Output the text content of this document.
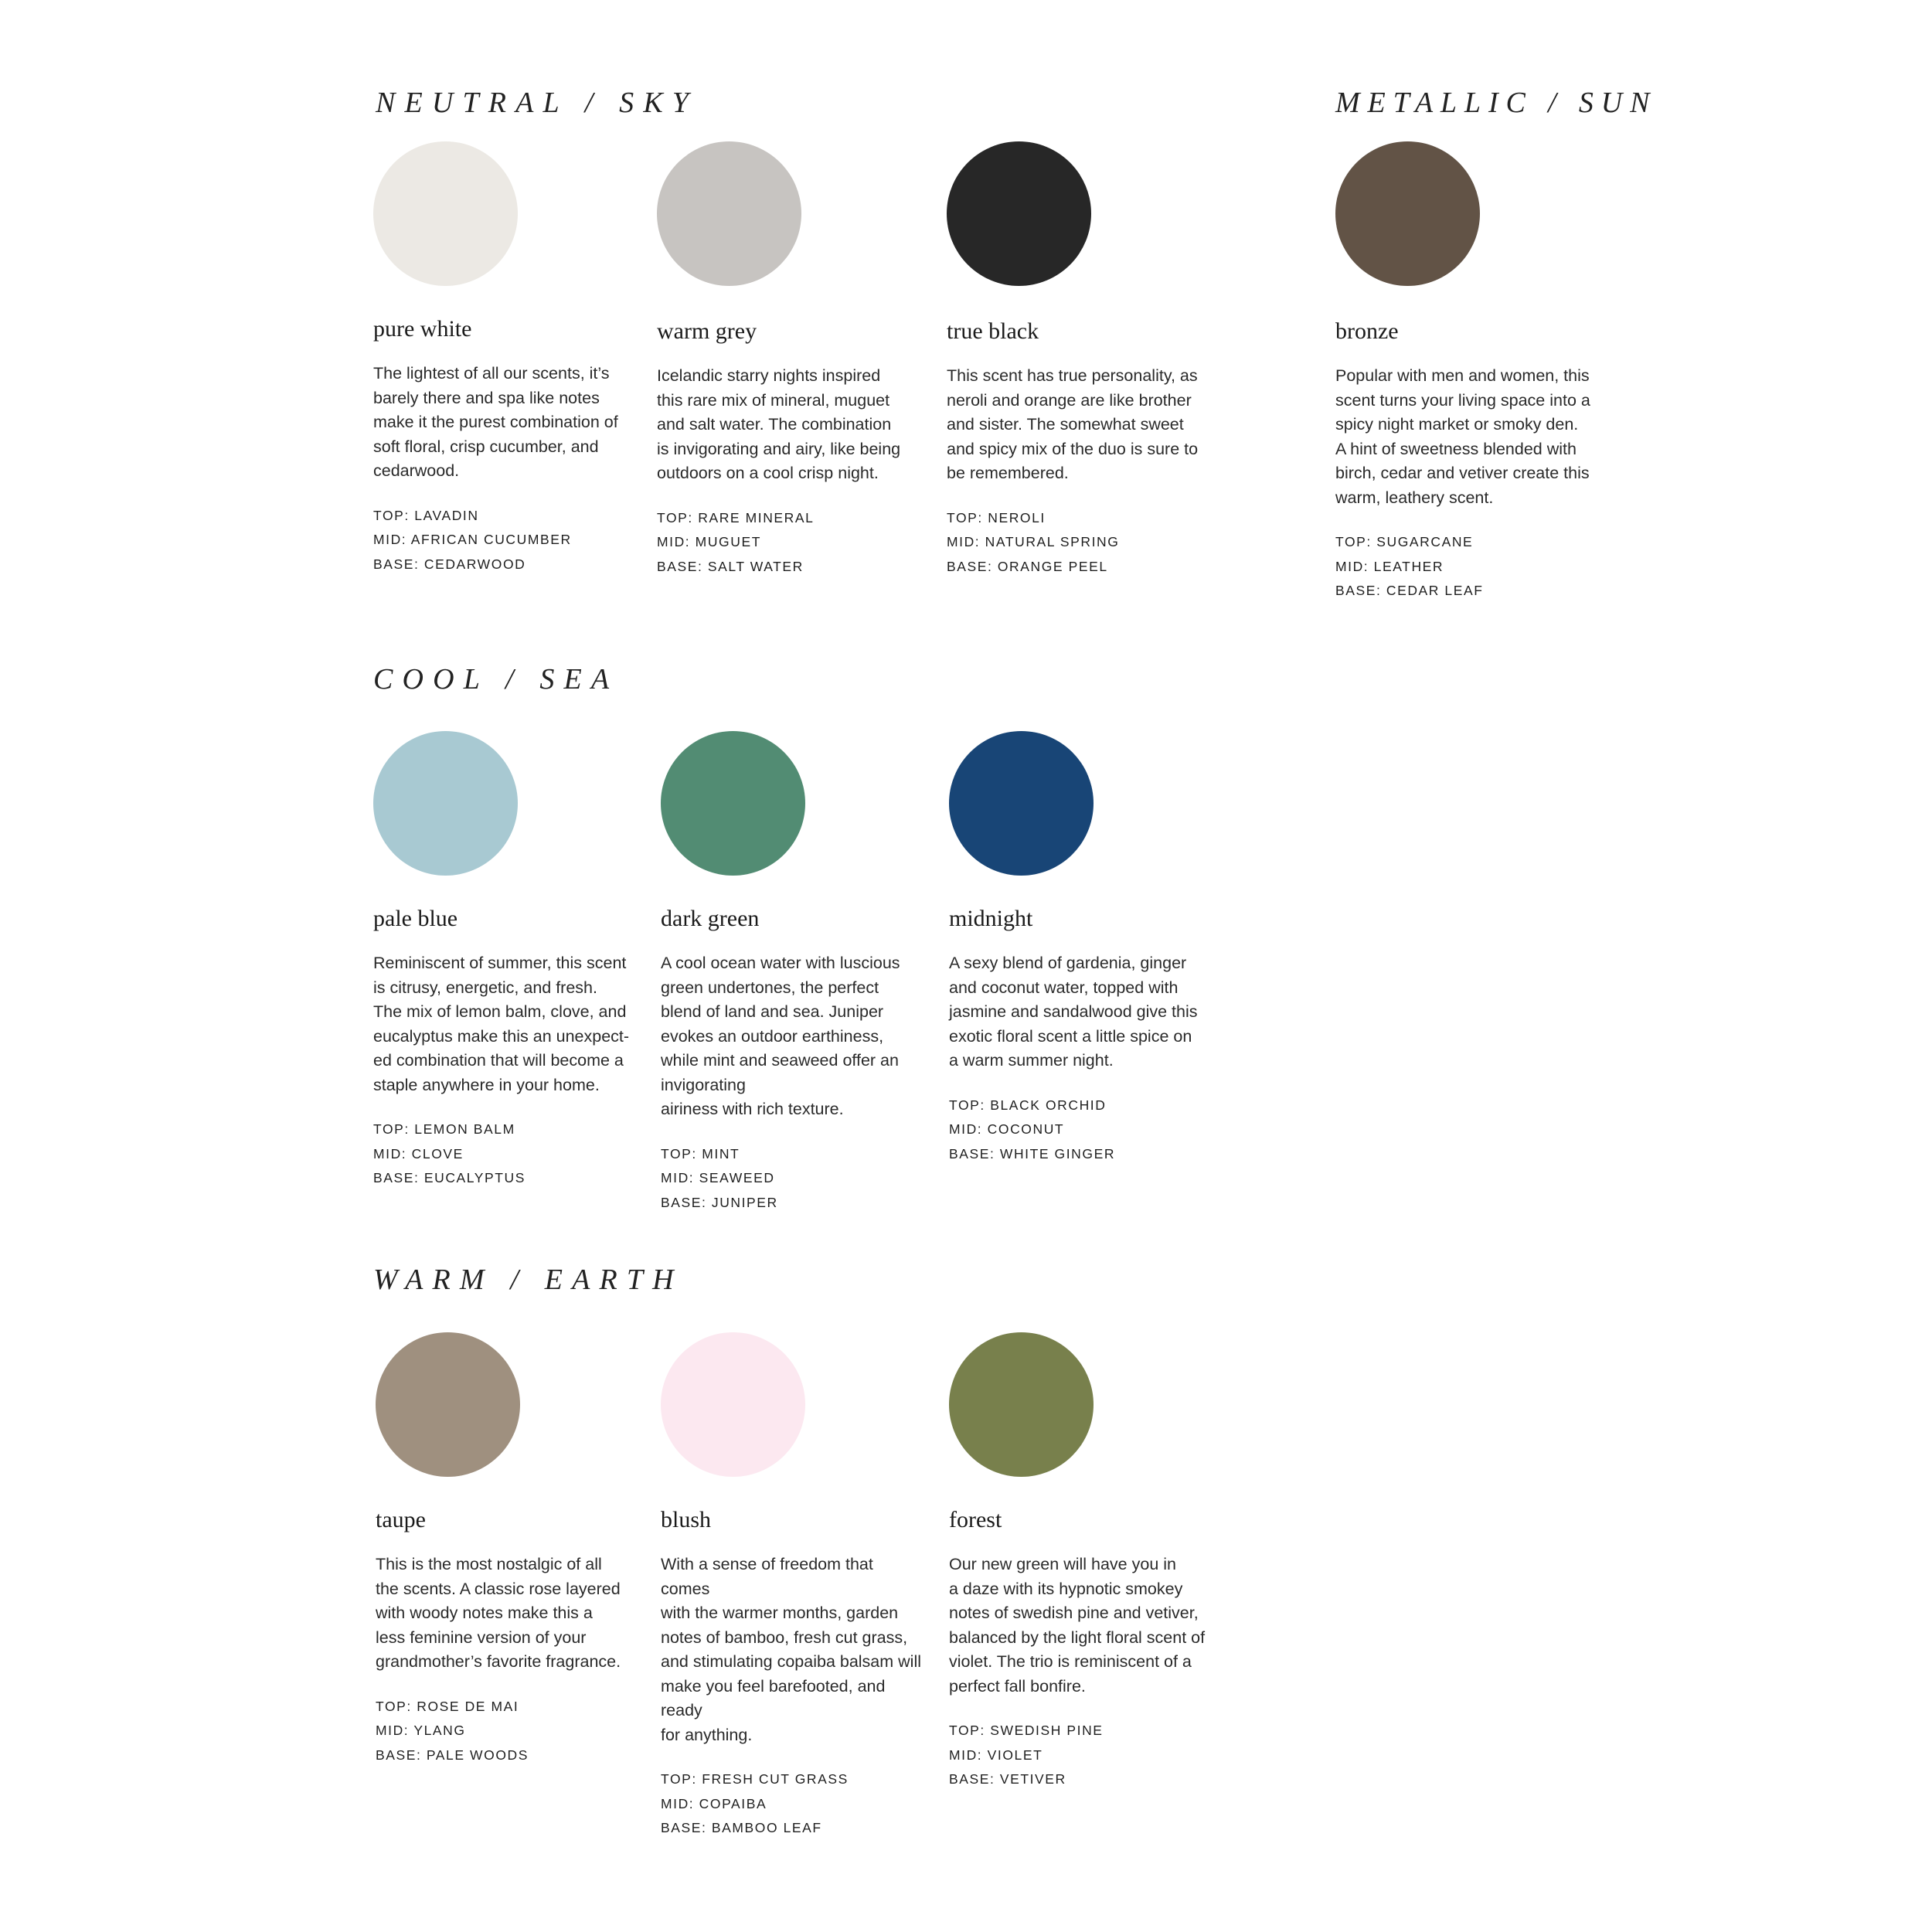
NEUTRAL / SKY	METALLIC / SUN
COOL / SEA
WARM / EARTH
pure white

The lightest of all our scents, it’s
barely there and spa like notes
make it the purest combination of
soft floral, crisp cucumber, and
cedarwood.

TOP: LAVADIN
MID: AFRICAN CUCUMBER
BASE: CEDARWOOD
warm grey

Icelandic starry nights inspired
this rare mix of mineral, muguet
and salt water. The combination
is invigorating and airy, like being
outdoors on a cool crisp night.

TOP: RARE MINERAL
MID: MUGUET
BASE: SALT WATER
true black

This scent has true personality, as
neroli and orange are like brother
and sister. The somewhat sweet
and spicy mix of the duo is sure to
be remembered.

TOP: NEROLI
MID: NATURAL SPRING
BASE: ORANGE PEEL
bronze

Popular with men and women, this
scent turns your living space into a
spicy night market or smoky den.
A hint of sweetness blended with
birch, cedar and vetiver create this
warm, leathery scent.

TOP: SUGARCANE
MID: LEATHER
BASE: CEDAR LEAF
pale blue

Reminiscent of summer, this scent
is citrusy, energetic, and fresh.
The mix of lemon balm, clove, and
eucalyptus make this an unexpect-
ed combination that will become a
staple anywhere in your home.

TOP: LEMON BALM
MID: CLOVE
BASE: EUCALYPTUS
dark green

A cool ocean water with luscious
green undertones, the perfect
blend of land and sea. Juniper
evokes an outdoor earthiness,
while mint and seaweed offer an
invigorating
airiness with rich texture.

TOP: MINT
MID: SEAWEED
BASE: JUNIPER
midnight

A sexy blend of gardenia, ginger
and coconut water, topped with
jasmine and sandalwood give this
exotic floral scent a little spice on
a warm summer night.

TOP: BLACK ORCHID
MID: COCONUT
BASE: WHITE GINGER
taupe

This is the most nostalgic of all
the scents. A classic rose layered
with woody notes make this a
less feminine version of your
grandmother’s favorite fragrance.

TOP: ROSE DE MAI
MID: YLANG
BASE: PALE WOODS
blush

With a sense of freedom that comes
with the warmer months, garden
notes of bamboo, fresh cut grass,
and stimulating copaiba balsam will
make you feel barefooted, and ready
for anything.

TOP: FRESH CUT GRASS
MID: COPAIBA
BASE: BAMBOO LEAF
forest

Our new green will have you in
a daze with its hypnotic smokey
notes of swedish pine and vetiver,
balanced by the light floral scent of
violet. The trio is reminiscent of a
perfect fall bonfire.

TOP: SWEDISH PINE
MID: VIOLET
BASE: VETIVER
